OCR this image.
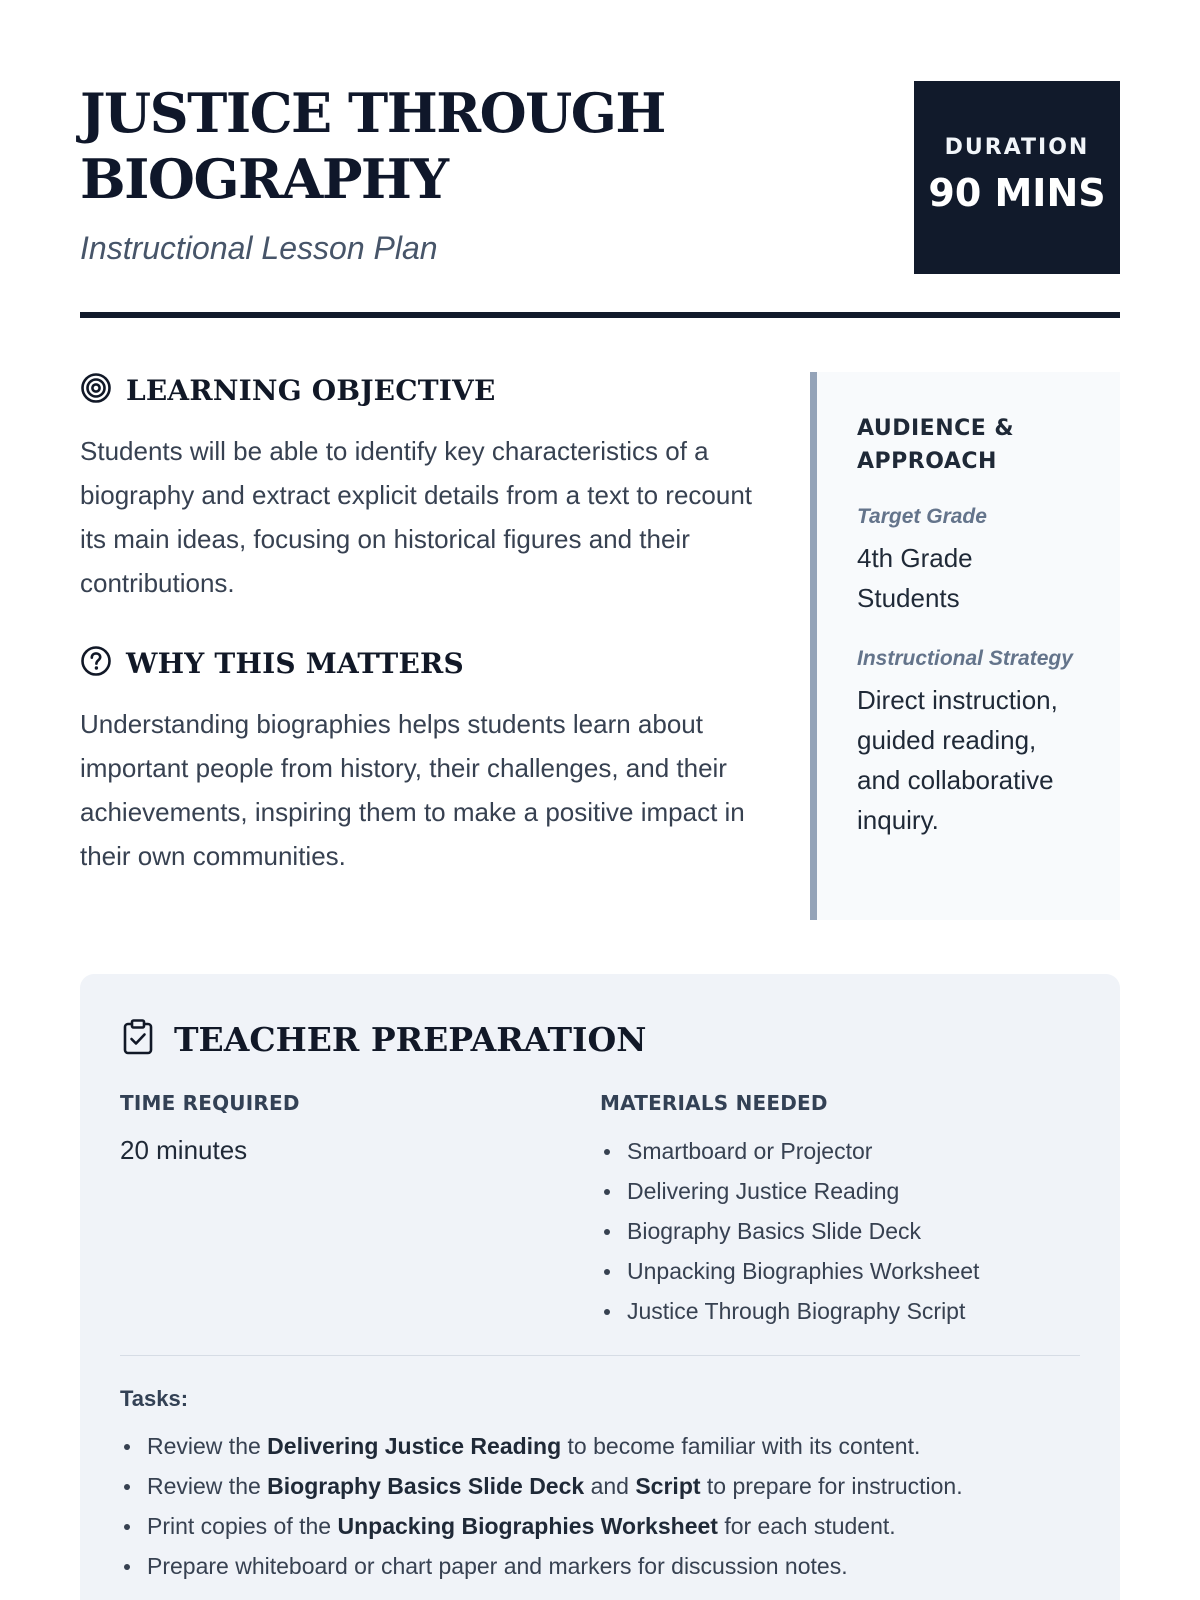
JUSTICE THROUGH BIOGRAPHY
Instructional Lesson Plan
DURATION
90 MINS
LEARNING OBJECTIVE

Students will be able to identify key characteristics of a biography and extract explicit details from a text to recount its main ideas, focusing on historical figures and their contributions.

WHY THIS MATTERS

Understanding biographies helps students learn about important people from history, their challenges, and their achievements, inspiring them to make a positive impact in their own communities.

AUDIENCE & APPROACH
Target Grade
4th Grade Students
Instructional Strategy
Direct instruction, guided reading, and collaborative inquiry.
TEACHER PREPARATION
TIME REQUIRED
20 minutes
MATERIALS NEEDED
Smartboard or Projector
Delivering Justice Reading
Biography Basics Slide Deck
Unpacking Biographies Worksheet
Justice Through Biography Script
Tasks:
Review the Delivering Justice Reading to become familiar with its content.
Review the Biography Basics Slide Deck and Script to prepare for instruction.
Print copies of the Unpacking Biographies Worksheet for each student.
Prepare whiteboard or chart paper and markers for discussion notes.
